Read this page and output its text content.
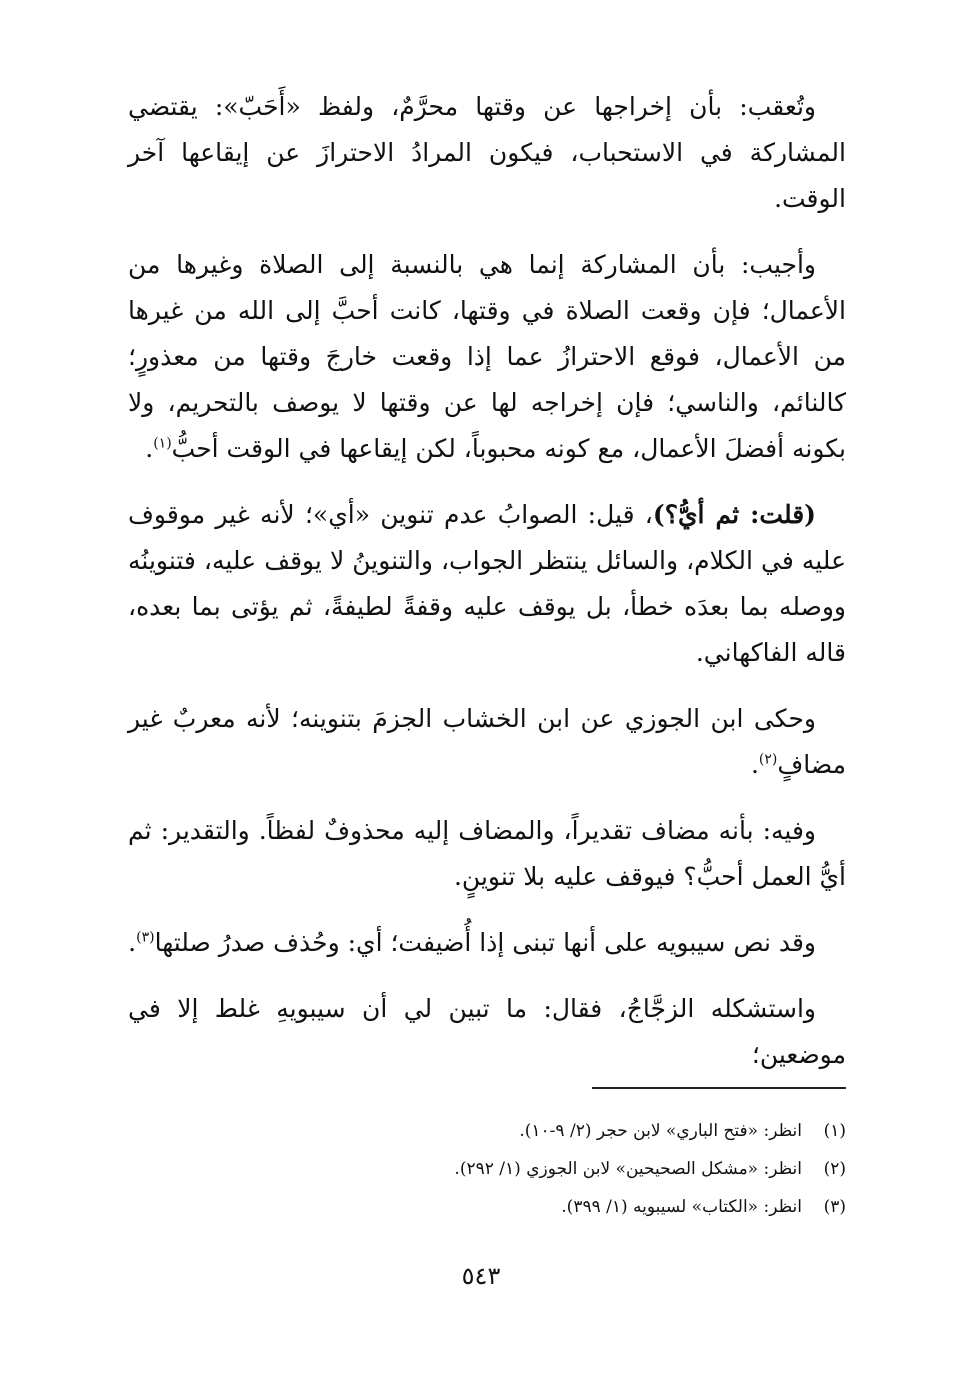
وتُعقب: بأن إخراجها عن وقتها محرَّمٌ، ولفظ «أَحَبّ»: يقتضي المشاركة في الاستحباب، فيكون المرادُ الاحترازَ عن إيقاعها آخر الوقت.

وأجيب: بأن المشاركة إنما هي بالنسبة إلى الصلاة وغيرها من الأعمال؛ فإن وقعت الصلاة في وقتها، كانت أحبَّ إلى الله من غيرها من الأعمال، فوقع الاحترازُ عما إذا وقعت خارجَ وقتها من معذورٍ؛ كالنائم، والناسي؛ فإن إخراجه لها عن وقتها لا يوصف بالتحريم، ولا بكونه أفضلَ الأعمال، مع كونه محبوباً، لكن إيقاعها في الوقت أحبُّ$^{(١)}$.

(قلت: ثم أيُّ؟)، قيل: الصوابُ عدم تنوين «أي»؛ لأنه غير موقوف عليه في الكلام، والسائل ينتظر الجواب، والتنوينُ لا يوقف عليه، فتنوينُه ووصله بما بعدَه خطأ، بل يوقف عليه وقفةً لطيفةً، ثم يؤتى بما بعده، قاله الفاكهاني.

وحكى ابن الجوزي عن ابن الخشاب الجزمَ بتنوينه؛ لأنه معربٌ غير مضافٍ$^{(٢)}$.

وفيه: بأنه مضاف تقديراً، والمضاف إليه محذوفٌ لفظاً. والتقدير: ثم أيُّ العمل أحبُّ؟ فيوقف عليه بلا تنوينٍ.

وقد نص سيبويه على أنها تبنى إذا أُضيفت؛ أي: وحُذف صدرُ صلتها$^{(٣)}$.

واستشكله الزجَّاجُ، فقال: ما تبين لي أن سيبويهِ غلط إلا في موضعين؛

(١)
انظر: «فتح الباري» لابن حجر (٢/ ٩-١٠).
(٢)
انظر: «مشكل الصحيحين» لابن الجوزي (١/ ٢٩٢).
(٣)
انظر: «الكتاب» لسيبويه (١/ ٣٩٩).
٥٤٣
